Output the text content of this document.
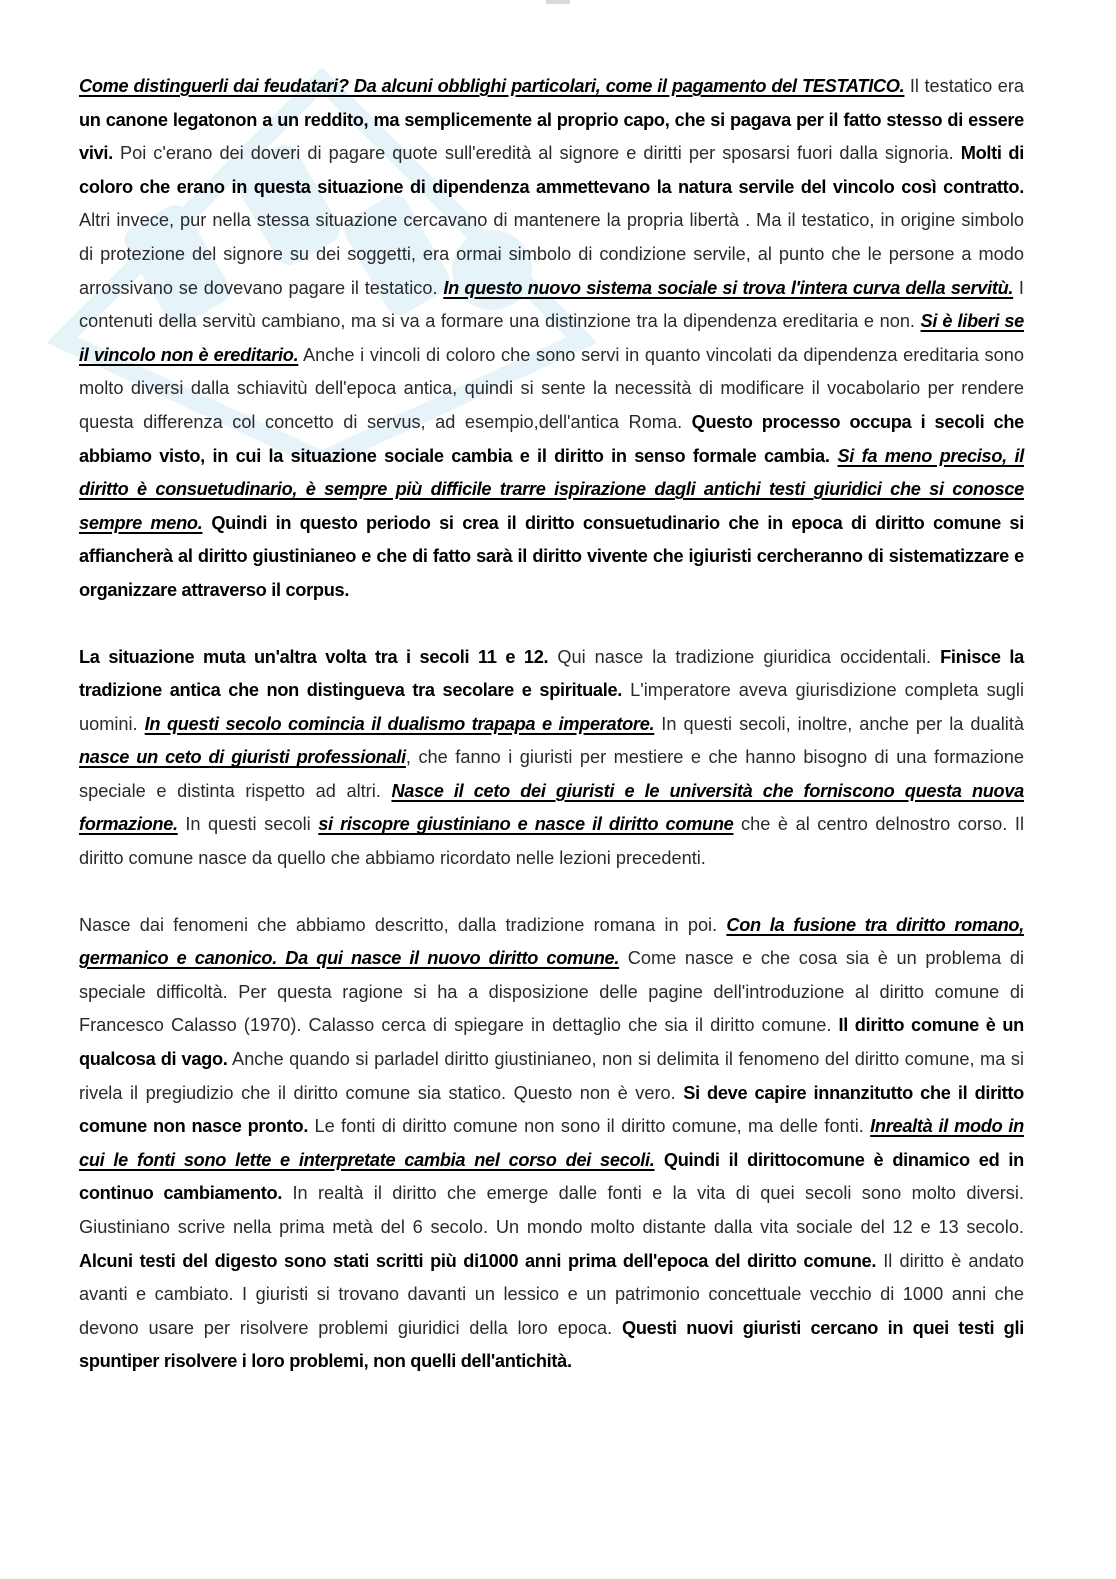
Come distinguerli dai feudatari? Da alcuni obblighi particolari, come il pagamento del TESTATICO. Il testatico era un canone legatonon a un reddito, ma semplicemente al proprio capo, che si pagava per il fatto stesso di essere vivi. Poi c'erano dei doveri di pagare quote sull'eredità al signore e diritti per sposarsi fuori dalla signoria. Molti di coloro che erano in questa situazione di dipendenza ammettevano la natura servile del vincolo così contratto. Altri invece, pur nella stessa situazione cercavano di mantenere la propria libertà . Ma il testatico, in origine simbolo di protezione del signore su dei soggetti, era ormai simbolo di condizione servile, al punto che le persone a modo arrossivano se dovevano pagare il testatico. In questo nuovo sistema sociale si trova l'intera curva della servitù. I contenuti della servitù cambiano, ma si va a formare una distinzione tra la dipendenza ereditaria e non. Si è liberi se il vincolo non è ereditario. Anche i vincoli di coloro che sono servi in quanto vincolati da dipendenza ereditaria sono molto diversi dalla schiavitù dell'epoca antica, quindi si sente la necessità di modificare il vocabolario per rendere questa differenza col concetto di servus, ad esempio,dell'antica Roma. Questo processo occupa i secoli che abbiamo visto, in cui la situazione sociale cambia e il diritto in senso formale cambia. Si fa meno preciso, il diritto è consuetudinario, è sempre più difficile trarre ispirazione dagli antichi testi giuridici che si conosce sempre meno. Quindi in questo periodo si crea il diritto consuetudinario che in epoca di diritto comune si affiancherà al diritto giustinianeo e che di fatto sarà il diritto vivente che igiuristi cercheranno di sistematizzare e organizzare attraverso il corpus.

La situazione muta un'altra volta tra i secoli 11 e 12. Qui nasce la tradizione giuridica occidentali. Finisce la tradizione antica che non distingueva tra secolare e spirituale. L'imperatore aveva giurisdizione completa sugli uomini. In questi secolo comincia il dualismo trapapa e imperatore. In questi secoli, inoltre, anche per la dualità nasce un ceto di giuristi professionali, che fanno i giuristi per mestiere e che hanno bisogno di una formazione speciale e distinta rispetto ad altri. Nasce il ceto dei giuristi e le università che forniscono questa nuova formazione. In questi secoli si riscopre giustiniano e nasce il diritto comune che è al centro delnostro corso. Il diritto comune nasce da quello che abbiamo ricordato nelle lezioni precedenti.

Nasce dai fenomeni che abbiamo descritto, dalla tradizione romana in poi. Con la fusione tra diritto romano, germanico e canonico. Da qui nasce il nuovo diritto comune. Come nasce e che cosa sia è un problema di speciale difficoltà. Per questa ragione si ha a disposizione delle pagine dell'introduzione al diritto comune di Francesco Calasso (1970). Calasso cerca di spiegare in dettaglio che sia il diritto comune. Il diritto comune è un qualcosa di vago. Anche quando si parladel diritto giustinianeo, non si delimita il fenomeno del diritto comune, ma si rivela il pregiudizio che il diritto comune sia statico. Questo non è vero. Si deve capire innanzitutto che il diritto comune non nasce pronto. Le fonti di diritto comune non sono il diritto comune, ma delle fonti. Inrealtà il modo in cui le fonti sono lette e interpretate cambia nel corso dei secoli. Quindi il dirittocomune è dinamico ed in continuo cambiamento. In realtà il diritto che emerge dalle fonti e la vita di quei secoli sono molto diversi. Giustiniano scrive nella prima metà del 6 secolo. Un mondo molto distante dalla vita sociale del 12 e 13 secolo. Alcuni testi del digesto sono stati scritti più di1000 anni prima dell'epoca del diritto comune. Il diritto è andato avanti e cambiato. I giuristi si trovano davanti un lessico e un patrimonio concettuale vecchio di 1000 anni che devono usare per risolvere problemi giuridici della loro epoca. Questi nuovi giuristi cercano in quei testi gli spuntiper risolvere i loro problemi, non quelli dell'antichità.
